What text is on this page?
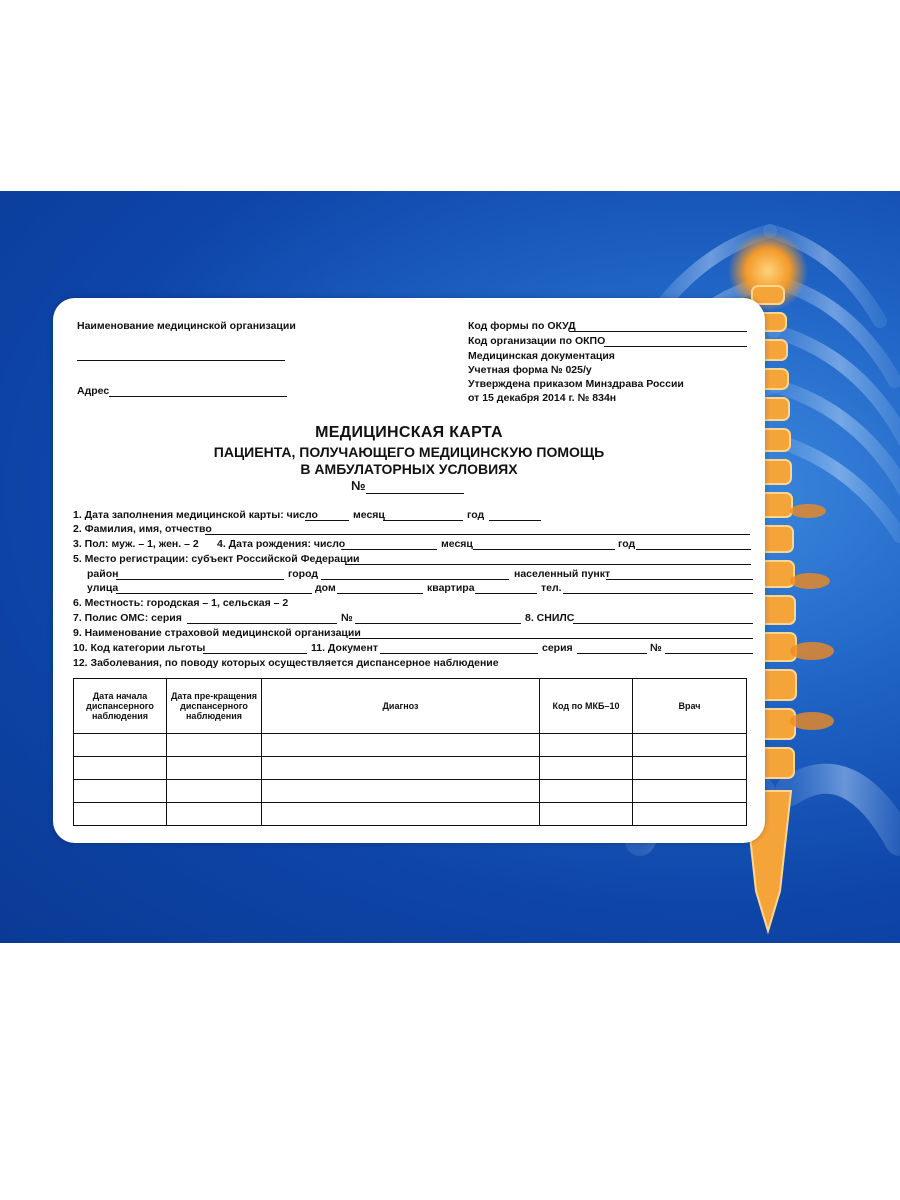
Наименование медицинской организации
Адрес
Код формы по ОКУД
Код организации по ОКПО
Медицинская документация
Учетная форма № 025/у
Утверждена приказом Минздрава России
от 15 декабря 2014 г. № 834н
МЕДИЦИНСКАЯ КАРТА
ПАЦИЕНТА, ПОЛУЧАЮЩЕГО МЕДИЦИНСКУЮ ПОМОЩЬ
В АМБУЛАТОРНЫХ УСЛОВИЯХ
№
1. Дата заполнения медицинской карты: число	месяц	год
2. Фамилия, имя, отчество
3. Пол: муж. – 1, жен. – 2 4. Дата рождения: число	месяц	год
5. Место регистрации: субъект Российской Федерации
район	город	населенный пункт
улица	дом	квартира	тел.
6. Местность: городская – 1, сельская – 2
7. Полис ОМС: серия	№	8. СНИЛС
9. Наименование страховой медицинской организации
10. Код категории льготы	11. Документ	серия	№
12. Заболевания, по поводу которых осуществляется диспансерное наблюдение
Дата начала диспансерного наблюдения	Дата пре-кращения диспансерного наблюдения	Диагноз	Код по МКБ–10	Врач
